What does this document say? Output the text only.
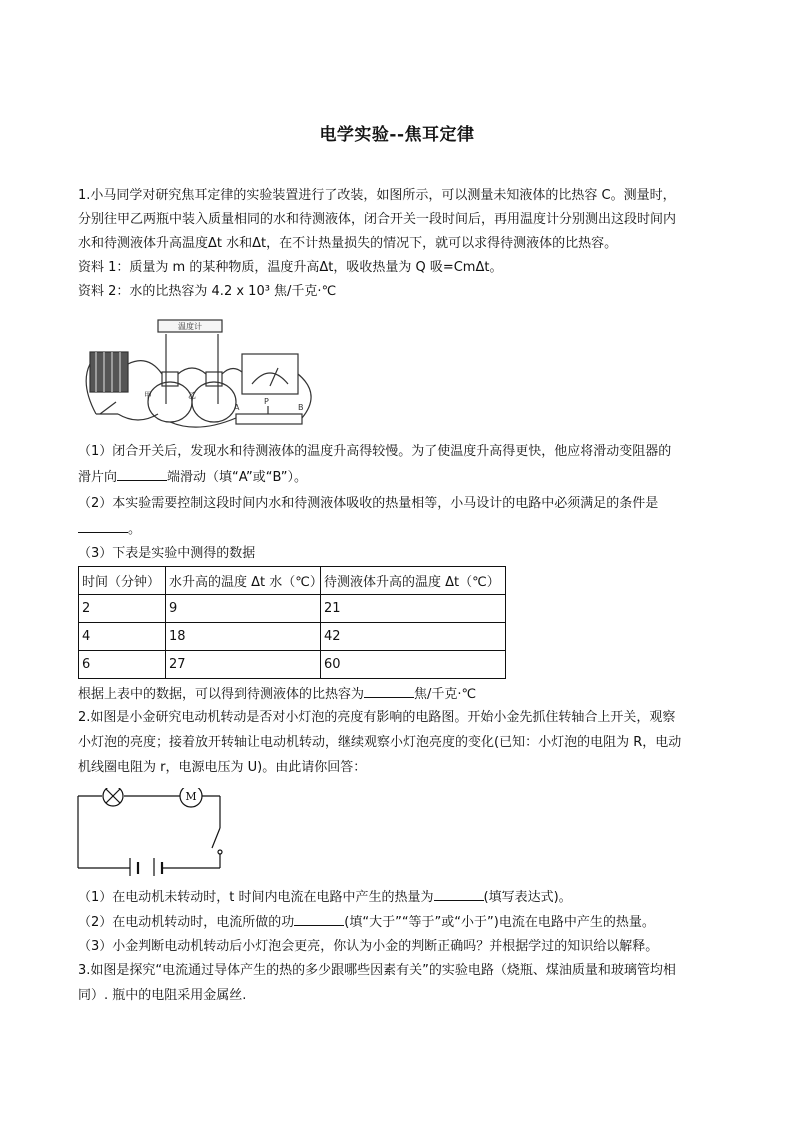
电学实验--焦耳定律
1.小马同学对研究焦耳定律的实验装置进行了改装，如图所示，可以测量未知液体的比热容 C。测量时，
分别往甲乙两瓶中装入质量相同的水和待测液体，闭合开关一段时间后，再用温度计分别测出这段时间内
水和待测液体升高温度Δt 水和Δt，在不计热量损失的情况下，就可以求得待测液体的比热容。
资料 1：质量为 m 的某种物质，温度升高Δt，吸收热量为 Q 吸=CmΔt。
资料 2：水的比热容为 4.2 x 10³ 焦/千克·℃
温度计
甲	乙
A
P
B
（1）闭合开关后，发现水和待测液体的温度升高得较慢。为了使温度升高得更快，他应将滑动变阻器的
滑片向	端滑动（填“A”或“B”）。
（2）本实验需要控制这段时间内水和待测液体吸收的热量相等，小马设计的电路中必须满足的条件是
。
（3）下表是实验中测得的数据
时间（分钟）	水升高的温度 Δt 水（℃）	待测液体升高的温度 Δt（℃）
2	9	21
4	18	42
6	27	60
根据上表中的数据，可以得到待测液体的比热容为	焦/千克·℃
2.如图是小金研究电动机转动是否对小灯泡的亮度有影响的电路图。开始小金先抓住转轴合上开关，观察
小灯泡的亮度；接着放开转轴让电动机转动，继续观察小灯泡亮度的变化(已知：小灯泡的电阻为 R，电动
机线圈电阻为 r，电源电压为 U)。由此请你回答：
M
（1）在电动机未转动时，t 时间内电流在电路中产生的热量为	(填写表达式)。
（2）在电动机转动时，电流所做的功	(填“大于”“等于”或“小于”)电流在电路中产生的热量。
（3）小金判断电动机转动后小灯泡会更亮，你认为小金的判断正确吗？并根据学过的知识给以解释。
3.如图是探究“电流通过导体产生的热的多少跟哪些因素有关”的实验电路（烧瓶、煤油质量和玻璃管均相
同）. 瓶中的电阻采用金属丝.
